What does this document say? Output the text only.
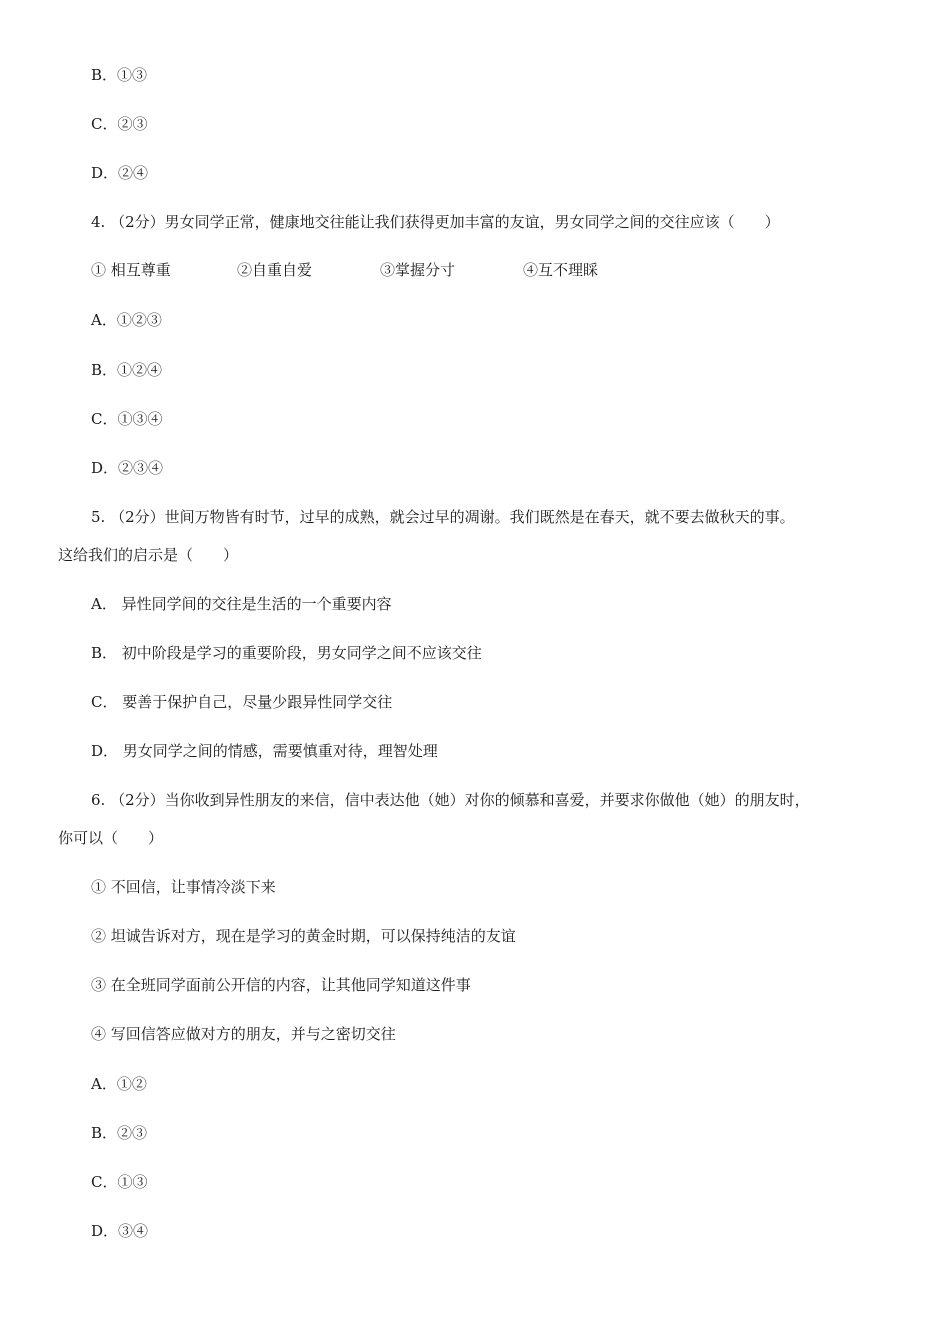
B．①③
C．②③
D．②④
4. （2分）男女同学正常，健康地交往能让我们获得更加丰富的友谊，男女同学之间的交往应该（　　）
① 相互尊重	②自重自爱	③掌握分寸	④互不理睬
A．①②③
B．①②④
C．①③④
D．②③④
5. （2分）世间万物皆有时节，过早的成熟，就会过早的凋谢。我们既然是在春天，就不要去做秋天的事。
这给我们的启示是（　　）
A． 异性同学间的交往是生活的一个重要内容
B． 初中阶段是学习的重要阶段，男女同学之间不应该交往
C． 要善于保护自己，尽量少跟异性同学交往
D． 男女同学之间的情感，需要慎重对待，理智处理
6. （2分）当你收到异性朋友的来信，信中表达他（她）对你的倾慕和喜爱，并要求你做他（她）的朋友时，
你可以（　　）
① 不回信，让事情冷淡下来
② 坦诚告诉对方，现在是学习的黄金时期，可以保持纯洁的友谊
③ 在全班同学面前公开信的内容，让其他同学知道这件事
④ 写回信答应做对方的朋友，并与之密切交往
A．①②
B．②③
C．①③
D．③④
